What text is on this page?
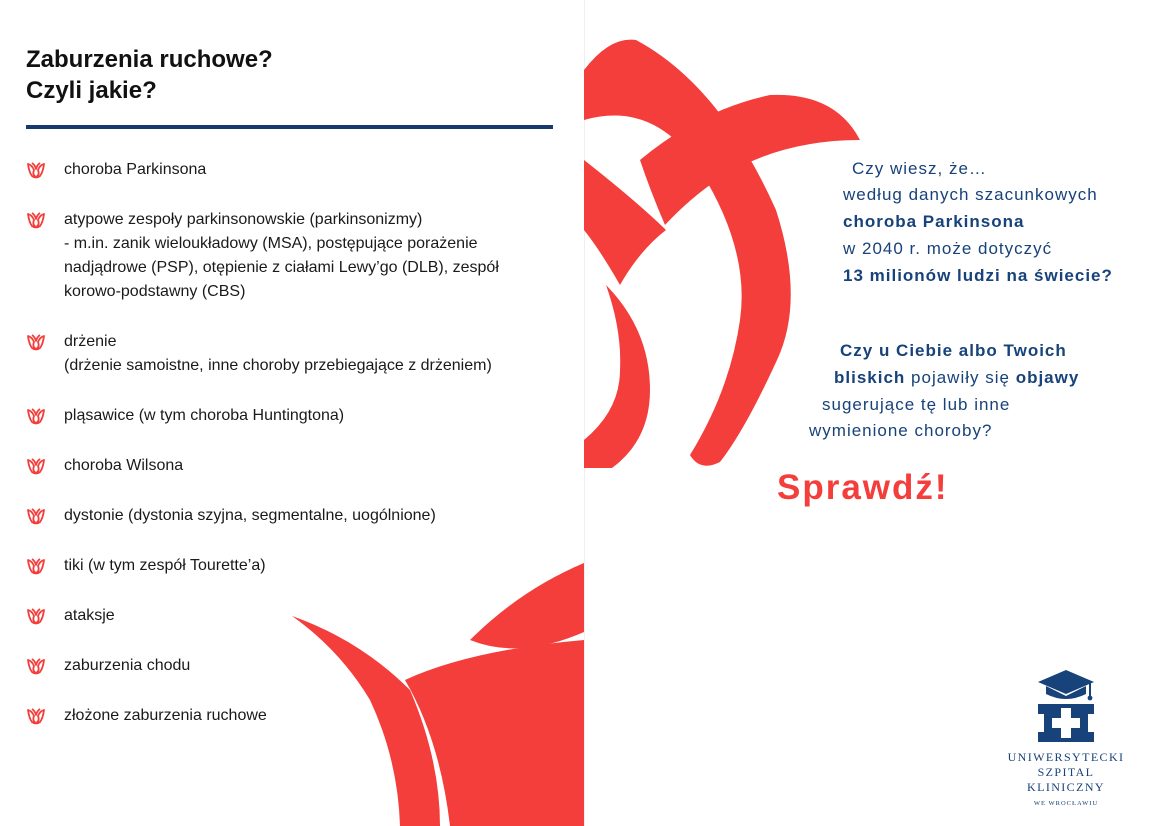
Zaburzenia ruchowe?
Czyli jakie?
choroba Parkinsona
atypowe zespoły parkinsonowskie (parkinsonizmy)
- m.in. zanik wieloukładowy (MSA), postępujące porażenie nadjądrowe (PSP), otępienie z ciałami Lewy’go (DLB), zespół korowo-podstawny (CBS)
drżenie
(drżenie samoistne, inne choroby przebiegające z drżeniem)
pląsawice (w tym choroba Huntingtona)
choroba Wilsona
dystonie (dystonia szyjna, segmentalne, uogólnione)
tiki (w tym zespół Tourette’a)
ataksje
zaburzenia chodu
złożone zaburzenia ruchowe

Czy wiesz, że…

według danych szacunkowych

choroba Parkinsona

w 2040 r. może dotyczyć

13 milionów ludzi na świecie?

Czy u Ciebie albo Twoich

bliskich pojawiły się objawy

sugerujące tę lub inne

wymienione choroby?

Sprawdź!

UNIWERSYTECKI
SZPITAL KLINICZNY
WE WROCŁAWIU
